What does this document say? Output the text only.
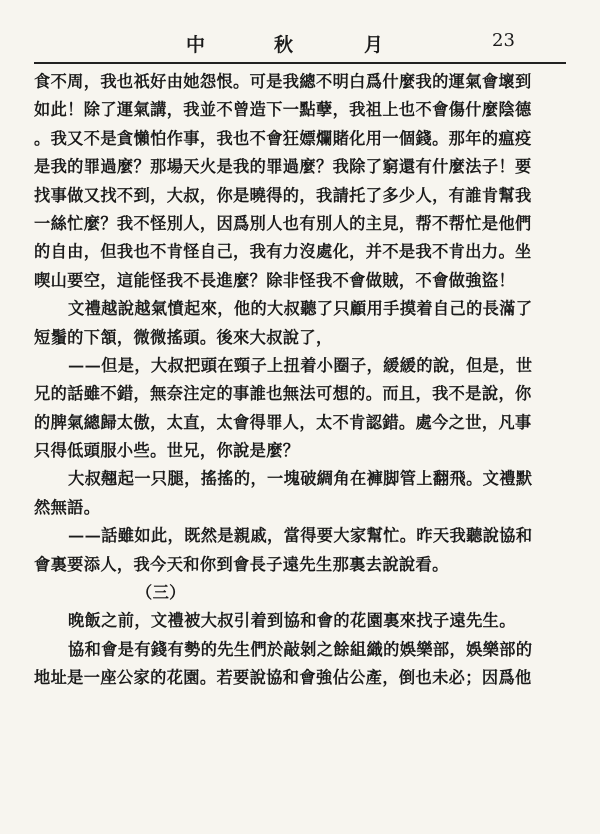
中	秋	月	23
食不周，我也祇好由她怨恨。可是我總不明白爲什麼我的運氣會壞到
如此！除了運氣講，我並不曾造下一點孽，我祖上也不會傷什麼陰德
。我又不是貪懶怕作事，我也不會狂嫖爛賭化用一個錢。那年的瘟疫
是我的罪過麼？那場天火是我的罪過麼？我除了窮還有什麼法子！要
找事做又找不到，大叔，你是曉得的，我請托了多少人，有誰肯幫我
一絲忙麼？我不怪別人，因爲別人也有別人的主見，帮不帮忙是他們
的自由，但我也不肯怪自己，我有力沒處化，并不是我不肯出力。坐
喫山要空，這能怪我不長進麼？除非怪我不會做賊，不會做強盜！
文禮越說越氣憤起來，他的大叔聽了只顧用手摸着自己的長滿了
短鬚的下頷，微微搖頭。後來大叔說了，
——但是，大叔把頭在頸子上扭着小圈子，緩緩的說，但是，世
兄的話雖不錯，無奈注定的事誰也無法可想的。而且，我不是說，你
的脾氣總歸太傲，太直，太會得罪人，太不肯認錯。處今之世，凡事
只得低頭服小些。世兄，你說是麼？
大叔翹起一只腿，搖搖的，一塊破綢角在褲脚管上翻飛。文禮默
然無語。
——話雖如此，既然是親戚，當得要大家幫忙。昨天我聽說協和
會裏要添人，我今天和你到會長子遠先生那裏去說說看。
（三）
晚飯之前，文禮被大叔引着到協和會的花園裏來找子遠先生。
協和會是有錢有勢的先生們於敲剝之餘組織的娛樂部，娛樂部的
地址是一座公家的花園。若要說協和會強佔公產，倒也未必；因爲他
